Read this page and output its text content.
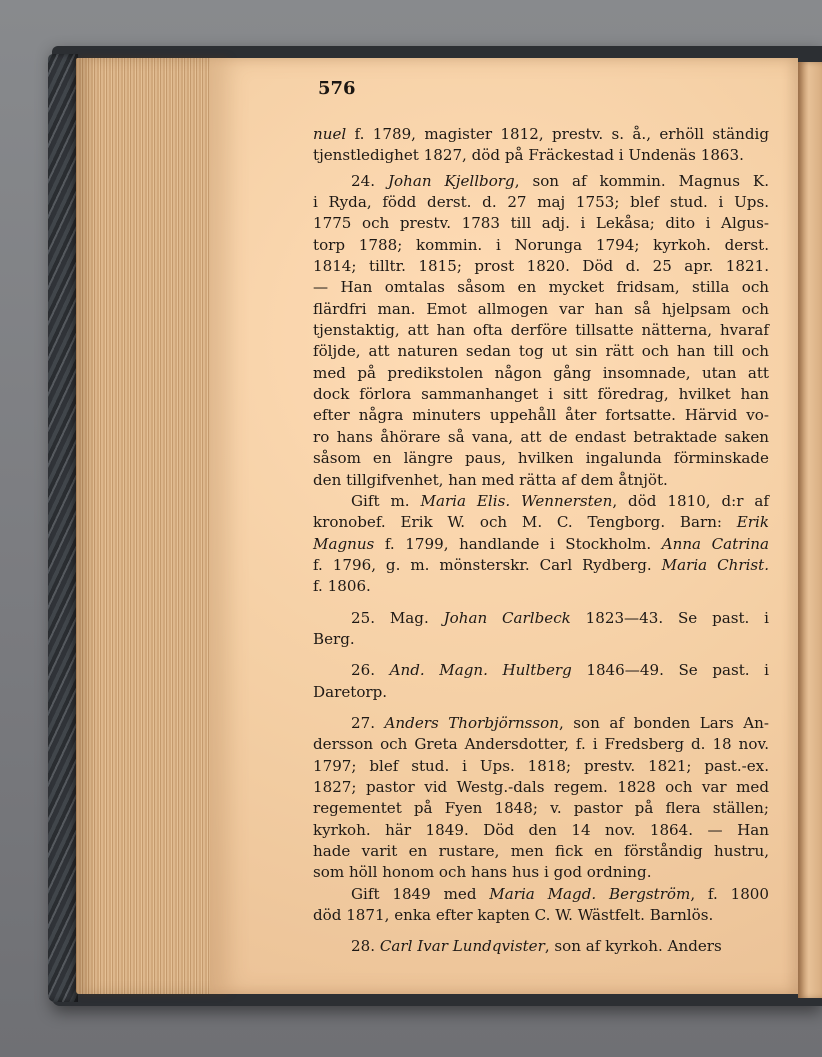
576
nuel f. 1789, magister 1812, prestv. s. å., erhöll ständig
tjenstledighet 1827, död på Fräckestad i Undenäs 1863.
24. Johan Kjellborg, son af kommin. Magnus K.
i Ryda, född derst. d. 27 maj 1753; blef stud. i Ups.
1775 och prestv. 1783 till adj. i Lekåsa; dito i Algus-
torp 1788; kommin. i Norunga 1794; kyrkoh. derst.
1814; tilltr. 1815; prost 1820. Död d. 25 apr. 1821.
— Han omtalas såsom en mycket fridsam, stilla och
flärdfri man. Emot allmogen var han så hjelpsam och
tjenstaktig, att han ofta derföre tillsatte nätterna, hvaraf
följde, att naturen sedan tog ut sin rätt och han till och
med på predikstolen någon gång insomnade, utan att
dock förlora sammanhanget i sitt föredrag, hvilket han
efter några minuters uppehåll åter fortsatte. Härvid vo-
ro hans åhörare så vana, att de endast betraktade saken
såsom en längre paus, hvilken ingalunda förminskade
den tillgifvenhet, han med rätta af dem åtnjöt.
Gift m. Maria Elis. Wennersten, död 1810, d:r af
kronobef. Erik W. och M. C. Tengborg. Barn: Erik
Magnus f. 1799, handlande i Stockholm. Anna Catrina
f. 1796, g. m. mönsterskr. Carl Rydberg. Maria Christ.
f. 1806.
25. Mag. Johan Carlbeck 1823—43. Se past. i
Berg.
26. And. Magn. Hultberg 1846—49. Se past. i
Daretorp.
27. Anders Thorbjörnsson, son af bonden Lars An-
dersson och Greta Andersdotter, f. i Fredsberg d. 18 nov.
1797; blef stud. i Ups. 1818; prestv. 1821; past.-ex.
1827; pastor vid Westg.-dals regem. 1828 och var med
regementet på Fyen 1848; v. pastor på flera ställen;
kyrkoh. här 1849. Död den 14 nov. 1864. — Han
hade varit en rustare, men fick en förståndig hustru,
som höll honom och hans hus i god ordning.
Gift 1849 med Maria Magd. Bergström, f. 1800
död 1871, enka efter kapten C. W. Wästfelt. Barnlös.
28. Carl Ivar Lundqvister, son af kyrkoh. Anders
